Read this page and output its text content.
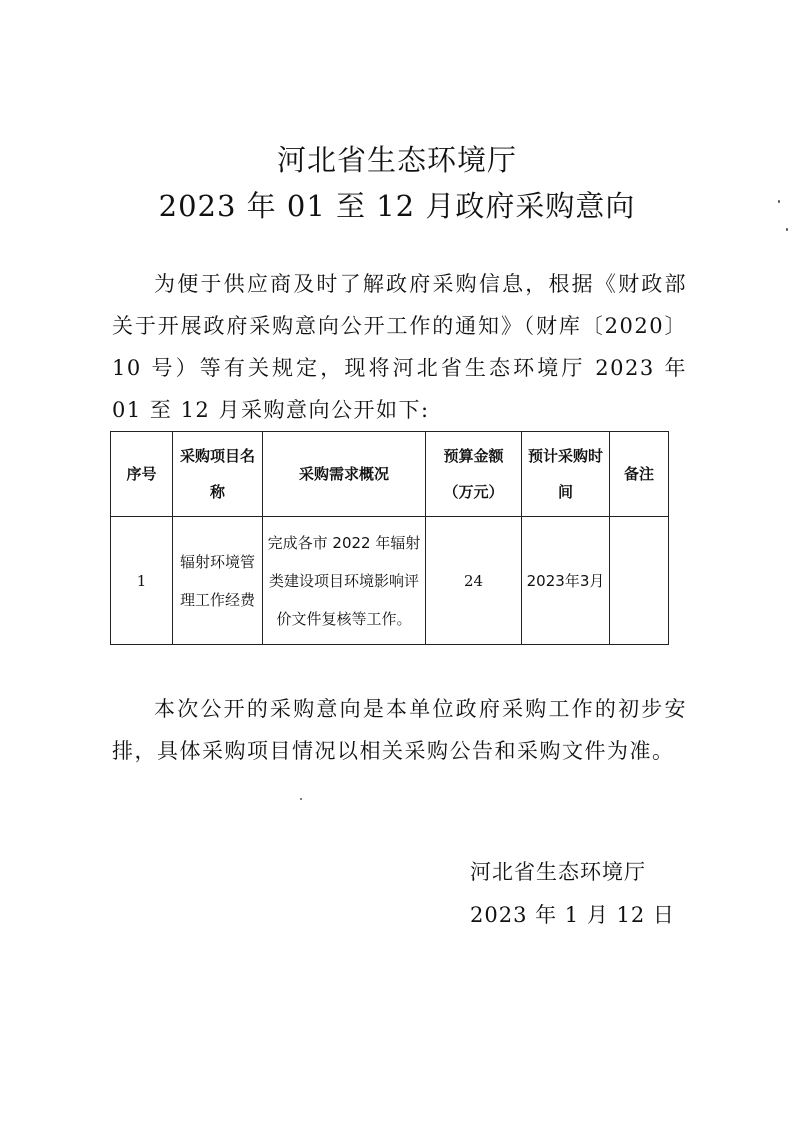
河北省生态环境厅
2023 年 01 至 12 月政府采购意向

为便于供应商及时了解政府采购信息，根据《财政部关于开展政府采购意向公开工作的通知》（财库〔2020〕10 号）等有关规定，现将河北省生态环境厅 2023 年 01 至 12 月采购意向公开如下:

序号	采购项目名称	采购需求概况	预算金额（万元）	预计采购时间	备注
1	辐射环境管理工作经费	完成各市 2022 年辐射类建设项目环境影响评价文件复核等工作。	24	2023年3月	

本次公开的采购意向是本单位政府采购工作的初步安排，具体采购项目情况以相关采购公告和采购文件为准。

河北省生态环境厅

2023 年 1 月 12 日
